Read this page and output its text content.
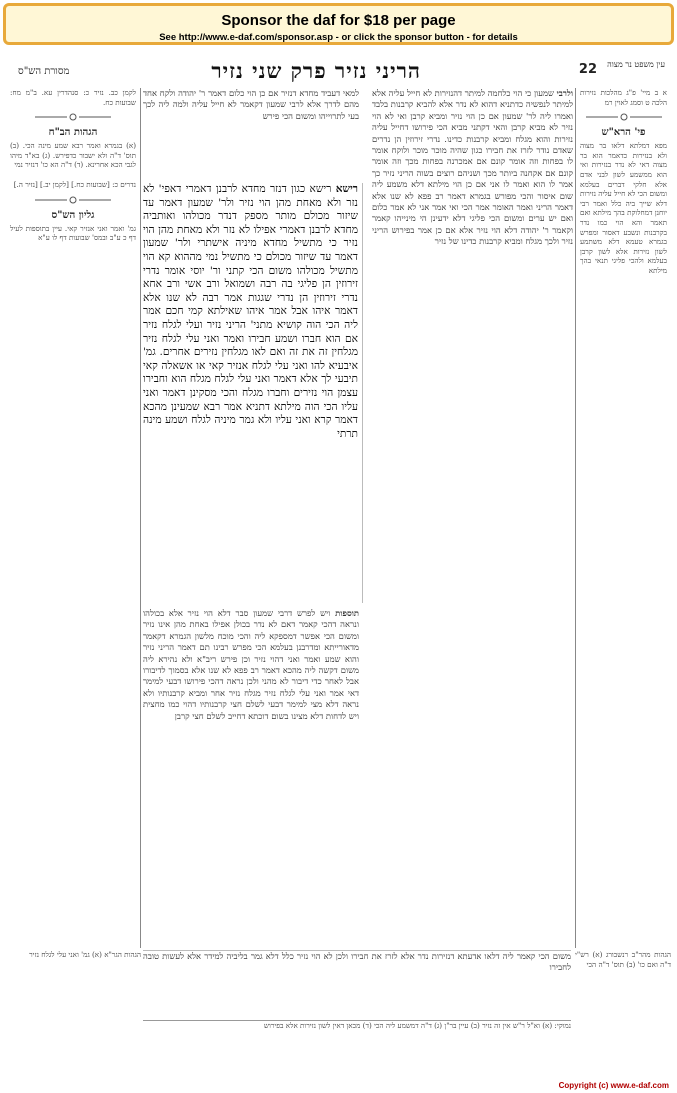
Sponsor the daf for $18 per page
See http://www.e-daf.com/sponsor.asp - or click the sponsor button - for details
עין משפט נר מצוה
22
הריני נזיר פרק שני נזיר
מסורת הש"ס
א ב מיי' פ"ג מהלכות נזירות הלכה ט וסמג לאוין רמ
פי' הרא"ש
מפא דמלתא דלאו בר מצוה ולא בנזירות כדאמר הוא בר מצוה דאי לא נדר בנזירות ואי הוא ממשמע לשון לבני אדם אלא חלקי דברים בעלמא ומשום הכי לא חייל עליה נזירות דלא שייך ביה כלל ואמר רבי יוחנן דמחלוקת בהך מילתא ואם תאמר והא הוי כמו נדר בקרבנות ונשבע דאסור ומפרש בגמרא טעמא דלא משתמע לשון נזירות אלא לשון קרבן בעלמא ולהכי פליגי תנאי בהך מילתא
ולרבי שמעון כי הוי כלחמה למיתר דהנזירות לא חייל עליה אלא למיתר לנפשיה כדתניא דהוא לא נדר אלא להביא קרבנות בלבד ואמרו ליה לר' שמעון אם כן הוי נזיר ומביא קרבן ואי לא הוי נזיר לא מביא קרבן והאי דקתני מביא הכי פירושו דחייל עליה נזירות והוא מגלח ומביא קרבנות כדינו. נדרי זירוזין הן נדרים שאדם נודר לזרז את חבירו כגון שהיה מוכר מוכר ולוקח אומר לו בפחות וזה אומר קונם אם אמכרנה בפחות מכך וזה אומר קונם אם אקחנה ביותר מכך ושניהם רוצים בשוה הריני נזיר כך אמר לו הוא ואמר לו אני אם כן הוי מילתא דלא משמע ליה שום איסור והכי מפורש בגמרא דאמר רב פפא לא שנו אלא דאמר הריני ואמר האומר אמר הכי ואי אמר אני לא אמר כלום ואם יש ערים ומשום הכי פליגי דלא ידעינן הי מינייהו קאמר וקאמר ר' יהודה דלא הוי נזיר אלא אם כן אמר בפירוש הריני נזיר ולכך מגלח ומביא קרבנות כדינו של נזיר
למאי דעביד מחדא דנזיר אם כן הוי כלום דאמר ר' יהודה ולקח אחד מהם לדרך אלא לרבי שמעון דקאמר לא חייל עליה ולמה ליה לכך בעי לתרוייהו ומשום הכי פירש
רישא רישא כגון דנזר מחדא לרבנן דאמרי דאפי' לא נזר ולא מאחת מהן הוי נזיר ולר' שמעון דאמר עד שיזור מכולם מותר מספק דנדר מכולהו ואותביה מחדא לרבנן דאמרי אפילו לא נזר ולא מאחת מהן הוי נזיר כי מתשיל מחדא מיניה אישתרי ולר' שמעון דאמר עד שיזור מכולם כי מתשיל נמי מההוא קא הוי מתשיל מכולהו משום הכי קתני ור' יוסי אומר נדרי זירוזין הן פליגי בה רבה ושמואל ורב אשי ורב אחא נדרי זירוזין הן נדרי שגגות אמר רבה לא שנו אלא דאמר איהו אבל אמר איהו שאילתא קמי חכם אמר ליה הכי הוה קושיא מתני' הריני נזיר ועלי לגלח נזיר אם הוא חברו ושמע חבירו ואמר ואני עלי לגלח נזיר מגלחין זה את זה ואם לאו מגלחין נזירים אחרים. גמ' איבעיא להו ואני עלי לגלח אנזיר קאי או אשאלה קאי תיבעי לך אלא דאמר ואני עלי לגלח מגלח הוא וחבירו עצמן הוי נזירים וחברו מגלח והכי מסקינן דאמר ואני עליו הכי הוה מילתא דתניא אמר רבא שמעינן מהכא דאמר קרא ואני עליו ולא גמר מיניה לגלח ושמע מינה תרתי
תוספות ויש לפרש דרבי שמעון סבר דלא הוי נזיר אלא בכולהו ונראה דהכי קאמר דאם לא נדר בכולן אפילו באחת מהן אינו נזיר ומשום הכי אפשר דמספקא ליה והכי מוכח מלשון הגמרא דקאמר מדאורייתא ומדרבנן בעלמא הכי מפרש רבינו תם דאמר הריני נזיר והוא שמע ואמר ואני דהוי נזיר וכן פירש ריב"א ולא נהירא ליה משום דקשה ליה מהכא דאמר רב פפא לא שנו אלא בסמוך לדיבורו אבל לאחר כדי דיבור לא מהני ולכן נראה דהכי פירושו דבעי למימר דאי אמר ואני עלי לגלח נזיר מגלח נזיר אחר ומביא קרבנותיו ולא נראה דלא מצי למימר דבעי לשלם חצי קרבנותיו דהוי כמו מחצית ויש לדחות דלא מצינו בשום דוכתא דחייב לשלם חצי קרבן
לקמן כב. נזיר כ: סנהדרין עא. ב"מ מח: שבועות כח.
הגהות הב"ח
(א) בגמרא ואמר רבא שמע מינה הכי. (ב) תוס' ד"ה ולא ישבור כדפירש. (ג) בא"ד מיהו לגבי הכא אחרינא. (ד) ד"ה הא כו' דנזיר נמי
נדרים כ: [שבועות כח.] [לקמן יב.] [נזיר ה.]
גליון הש"ס
גמ' ואמר ואני אנזיר קאי. עיין בתוספות לעיל דף כ ע"ב ובמס' שבועות דף לו ע"א
הגהות מהר"ב רנשבורג (א) רש"י ד"ה ואם כו' (ב) תוס' ד"ה הכי
משום הכי קאמר ליה דלאו אדעתא דנזירות נדר אלא לזרז את חבירו ולכן לא הוי נזיר כלל דלא גמר בליביה למידר אלא לעשות טובה לחבירו
נמוקי: (א) וא"ל ר"ש אין זה נזיר (ב) עיין בר"ן (ג) ד"ה דמשמע ליה הכי (ד) מכאן דאין לשון נזירות אלא בפירוש
הגהות הגר"א (א) גמ' ואני עלי לגלח נזיר
Copyright (c) www.e-daf.com
